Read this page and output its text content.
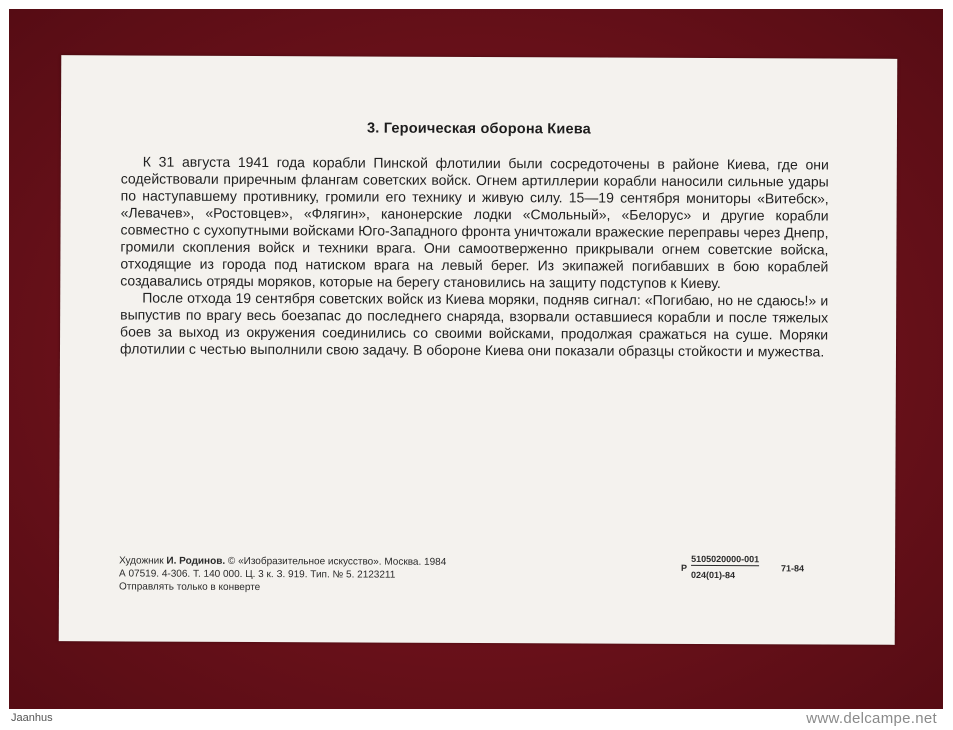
3. Героическая оборона Киева

К 31 августа 1941 года корабли Пинской флотилии были сосредоточены в районе Киева, где они содействовали приречным флангам советских войск. Огнем артиллерии корабли наносили сильные удары по наступавшему противнику, громили его технику и живую силу. 15—19 сентября мониторы «Витебск», «Левачев», «Ростовцев», «Флягин», канонерские лодки «Смольный», «Белорус» и другие корабли совместно с сухопутными войсками Юго-Западного фронта уничтожали вражеские переправы через Днепр, громили скопления войск и техники врага. Они самоотверженно прикрывали огнем советские войска, отходящие из города под натиском врага на левый берег. Из экипажей погибавших в бою кораблей создавались отряды моряков, которые на берегу становились на защиту подступов к Киеву.

После отхода 19 сентября советских войск из Киева моряки, подняв сигнал: «Погибаю, но не сдаюсь!» и выпустив по врагу весь боезапас до последнего снаряда, взорвали оставшиеся корабли и после тяжелых боев за выход из окружения соединились со своими войсками, продолжая сражаться на суше. Моряки флотилии с честью выполнили свою задачу. В обороне Киева они показали образцы стойкости и мужества.

Художник И. Родинов. © «Изобразительное искусство». Москва. 1984
А 07519. 4-306. Т. 140 000. Ц. 3 к. З. 919. Тип. № 5. 2123211
Отправлять только в конверте
Р
5105020000-001
024(01)-84
71-84
Jaanhus	www.delcampe.net
